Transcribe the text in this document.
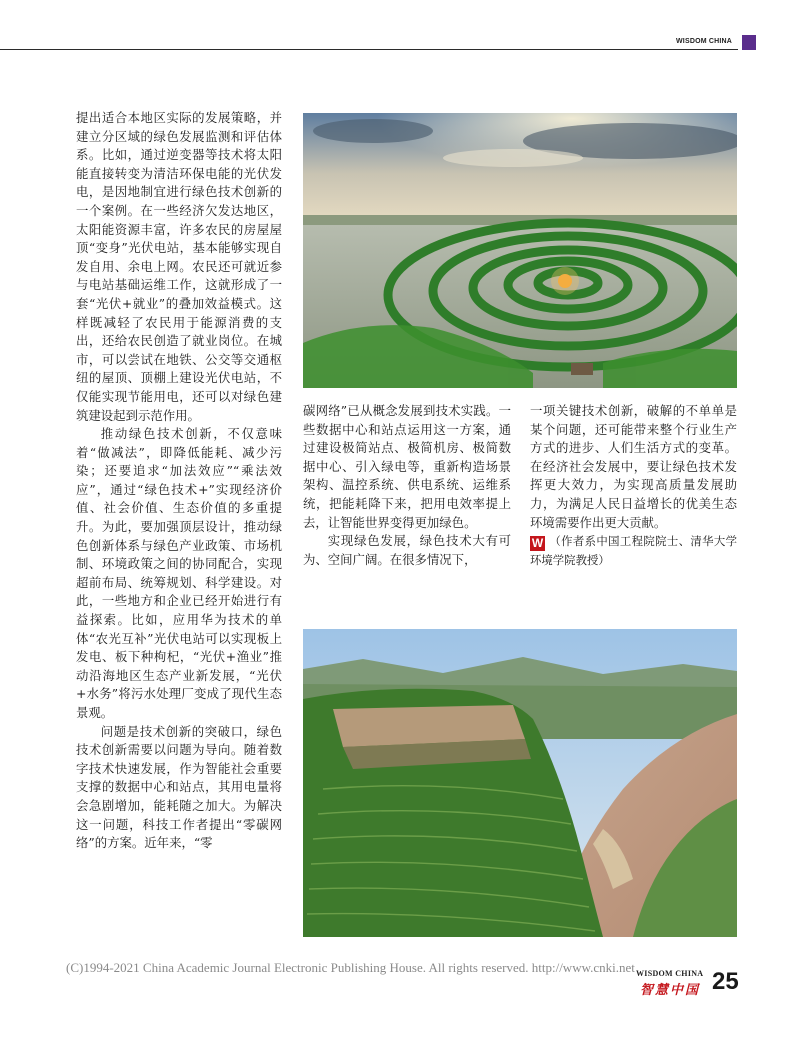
WISDOM CHINA

提出适合本地区实际的发展策略，并建立分区域的绿色发展监测和评估体系。比如，通过逆变器等技术将太阳能直接转变为清洁环保电能的光伏发电，是因地制宜进行绿色技术创新的一个案例。在一些经济欠发达地区，太阳能资源丰富，许多农民的房屋屋顶“变身”光伏电站，基本能够实现自发自用、余电上网。农民还可就近参与电站基础运维工作，这就形成了一套“光伏+就业”的叠加效益模式。这样既减轻了农民用于能源消费的支出，还给农民创造了就业岗位。在城市，可以尝试在地铁、公交等交通枢纽的屋顶、顶棚上建设光伏电站，不仅能实现节能用电，还可以对绿色建筑建设起到示范作用。

推动绿色技术创新，不仅意味着“做减法”，即降低能耗、减少污染；还要追求“加法效应”“乘法效应”，通过“绿色技术+”实现经济价值、社会价值、生态价值的多重提升。为此，要加强顶层设计，推动绿色创新体系与绿色产业政策、市场机制、环境政策之间的协同配合，实现超前布局、统筹规划、科学建设。对此，一些地方和企业已经开始进行有益探索。比如，应用华为技术的单体“农光互补”光伏电站可以实现板上发电、板下种枸杞，“光伏+渔业”推动沿海地区生态产业新发展，“光伏+水务”将污水处理厂变成了现代生态景观。

问题是技术创新的突破口，绿色技术创新需要以问题为导向。随着数字技术快速发展，作为智能社会重要支撑的数据中心和站点，其用电量将会急剧增加，能耗随之加大。为解决这一问题，科技工作者提出“零碳网络”的方案。近年来，“零

碳网络”已从概念发展到技术实践。一些数据中心和站点运用这一方案，通过建设极简站点、极简机房、极简数据中心、引入绿电等，重新构造场景架构、温控系统、供电系统、运维系统，把能耗降下来，把用电效率提上去，让智能世界变得更加绿色。

实现绿色发展，绿色技术大有可为、空间广阔。在很多情况下，

一项关键技术创新，破解的不单单是某个问题，还可能带来整个行业生产方式的进步、人们生活方式的变革。在经济社会发展中，要让绿色技术发挥更大效力，为实现高质量发展助力，为满足人民日益增长的优美生态环境需要作出更大贡献。

W （作者系中国工程院院士、清华大学环境学院教授）

(C)1994-2021 China Academic Journal Electronic Publishing House. All rights reserved. http://www.cnki.net WISDOM CHINA
智慧中国 25
